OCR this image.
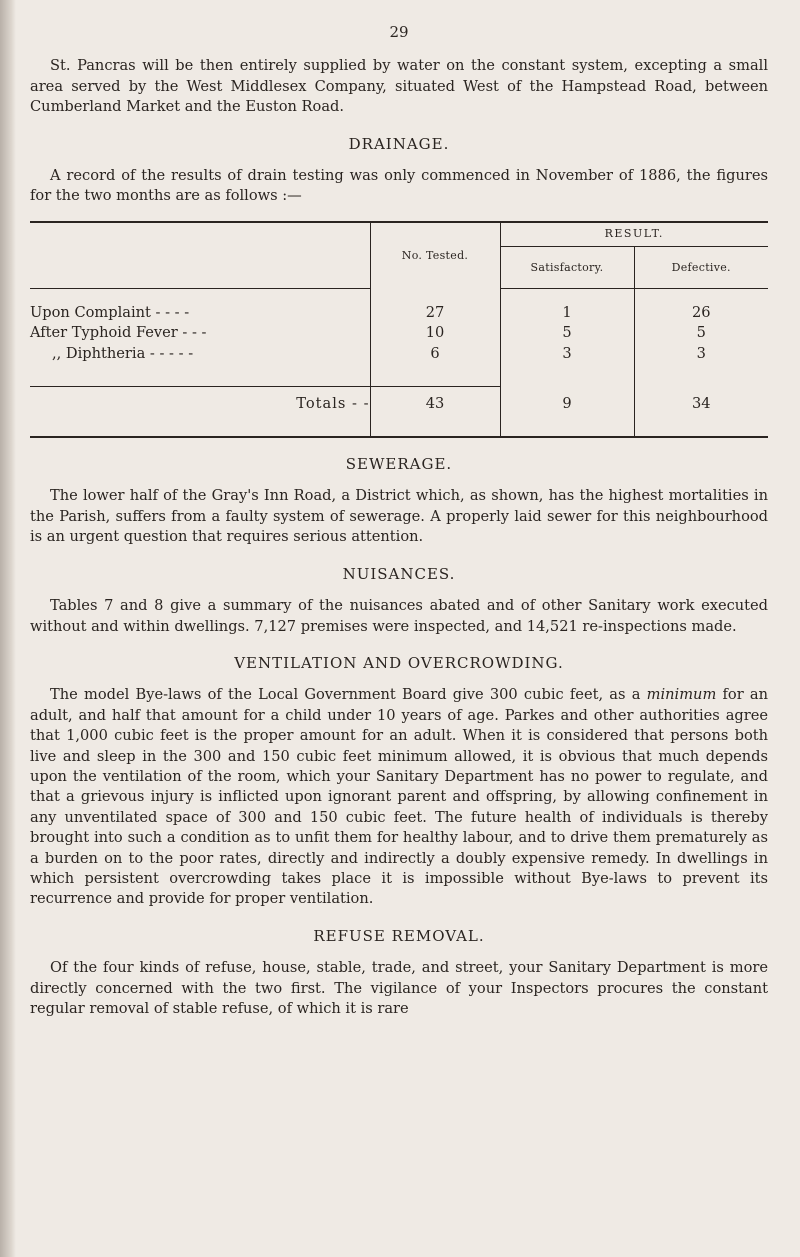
29

St. Pancras will be then entirely supplied by water on the constant system, excepting a small area served by the West Middlesex Company, situated West of the Hampstead Road, between Cumberland Market and the Euston Road.

DRAINAGE.

A record of the results of drain testing was only commenced in November of 1886, the figures for the two months are as follows :—

	No. Tested.	RESULT.	
		Satisfactory.	Defective.

Upon Complaint - - - -	27	1	26
After Typhoid Fever - - -	10	5	5
,, Diphtheria - - - - -	6	3	3

Totals - -	43	9	34

SEWERAGE.

The lower half of the Gray's Inn Road, a District which, as shown, has the highest mortalities in the Parish, suffers from a faulty system of sewerage. A properly laid sewer for this neighbourhood is an urgent question that requires serious attention.

NUISANCES.

Tables 7 and 8 give a summary of the nuisances abated and of other Sanitary work executed without and within dwellings. 7,127 premises were inspected, and 14,521 re-inspections made.

VENTILATION AND OVERCROWDING.

The model Bye-laws of the Local Government Board give 300 cubic feet, as a minimum for an adult, and half that amount for a child under 10 years of age. Parkes and other authorities agree that 1,000 cubic feet is the proper amount for an adult. When it is considered that persons both live and sleep in the 300 and 150 cubic feet minimum allowed, it is obvious that much depends upon the ventilation of the room, which your Sanitary Department has no power to regulate, and that a grievous injury is inflicted upon ignorant parent and offspring, by allowing confinement in any unventilated space of 300 and 150 cubic feet. The future health of individuals is thereby brought into such a condition as to unfit them for healthy labour, and to drive them prematurely as a burden on to the poor rates, directly and indirectly a doubly expensive remedy. In dwellings in which persistent overcrowding takes place it is impossible without Bye-laws to prevent its recurrence and provide for proper ventilation.

REFUSE REMOVAL.

Of the four kinds of refuse, house, stable, trade, and street, your Sanitary Department is more directly concerned with the two first. The vigilance of your Inspectors procures the constant regular removal of stable refuse, of which it is rare
